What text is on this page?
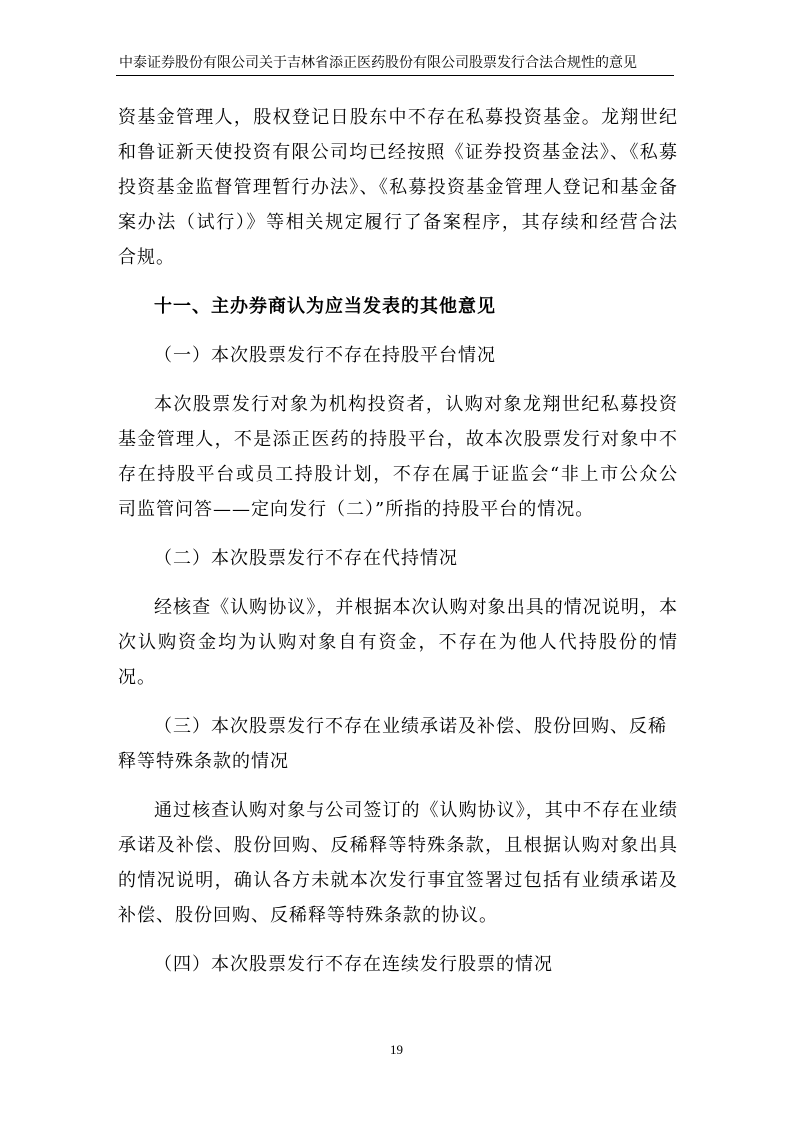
中泰证券股份有限公司关于吉林省添正医药股份有限公司股票发行合法合规性的意见

资基金管理人，股权登记日股东中不存在私募投资基金。龙翔世纪和鲁证新天使投资有限公司均已经按照《证券投资基金法》、《私募投资基金监督管理暂行办法》、《私募投资基金管理人登记和基金备案办法（试行）》等相关规定履行了备案程序，其存续和经营合法合规。

十一、主办券商认为应当发表的其他意见

（一）本次股票发行不存在持股平台情况

本次股票发行对象为机构投资者，认购对象龙翔世纪私募投资基金管理人，不是添正医药的持股平台，故本次股票发行对象中不存在持股平台或员工持股计划，不存在属于证监会“非上市公众公司监管问答——定向发行（二）”所指的持股平台的情况。

（二）本次股票发行不存在代持情况

经核查《认购协议》，并根据本次认购对象出具的情况说明，本次认购资金均为认购对象自有资金，不存在为他人代持股份的情况。

（三）本次股票发行不存在业绩承诺及补偿、股份回购、反稀释等特殊条款的情况

通过核查认购对象与公司签订的《认购协议》，其中不存在业绩承诺及补偿、股份回购、反稀释等特殊条款，且根据认购对象出具的情况说明，确认各方未就本次发行事宜签署过包括有业绩承诺及补偿、股份回购、反稀释等特殊条款的协议。

（四）本次股票发行不存在连续发行股票的情况

19
